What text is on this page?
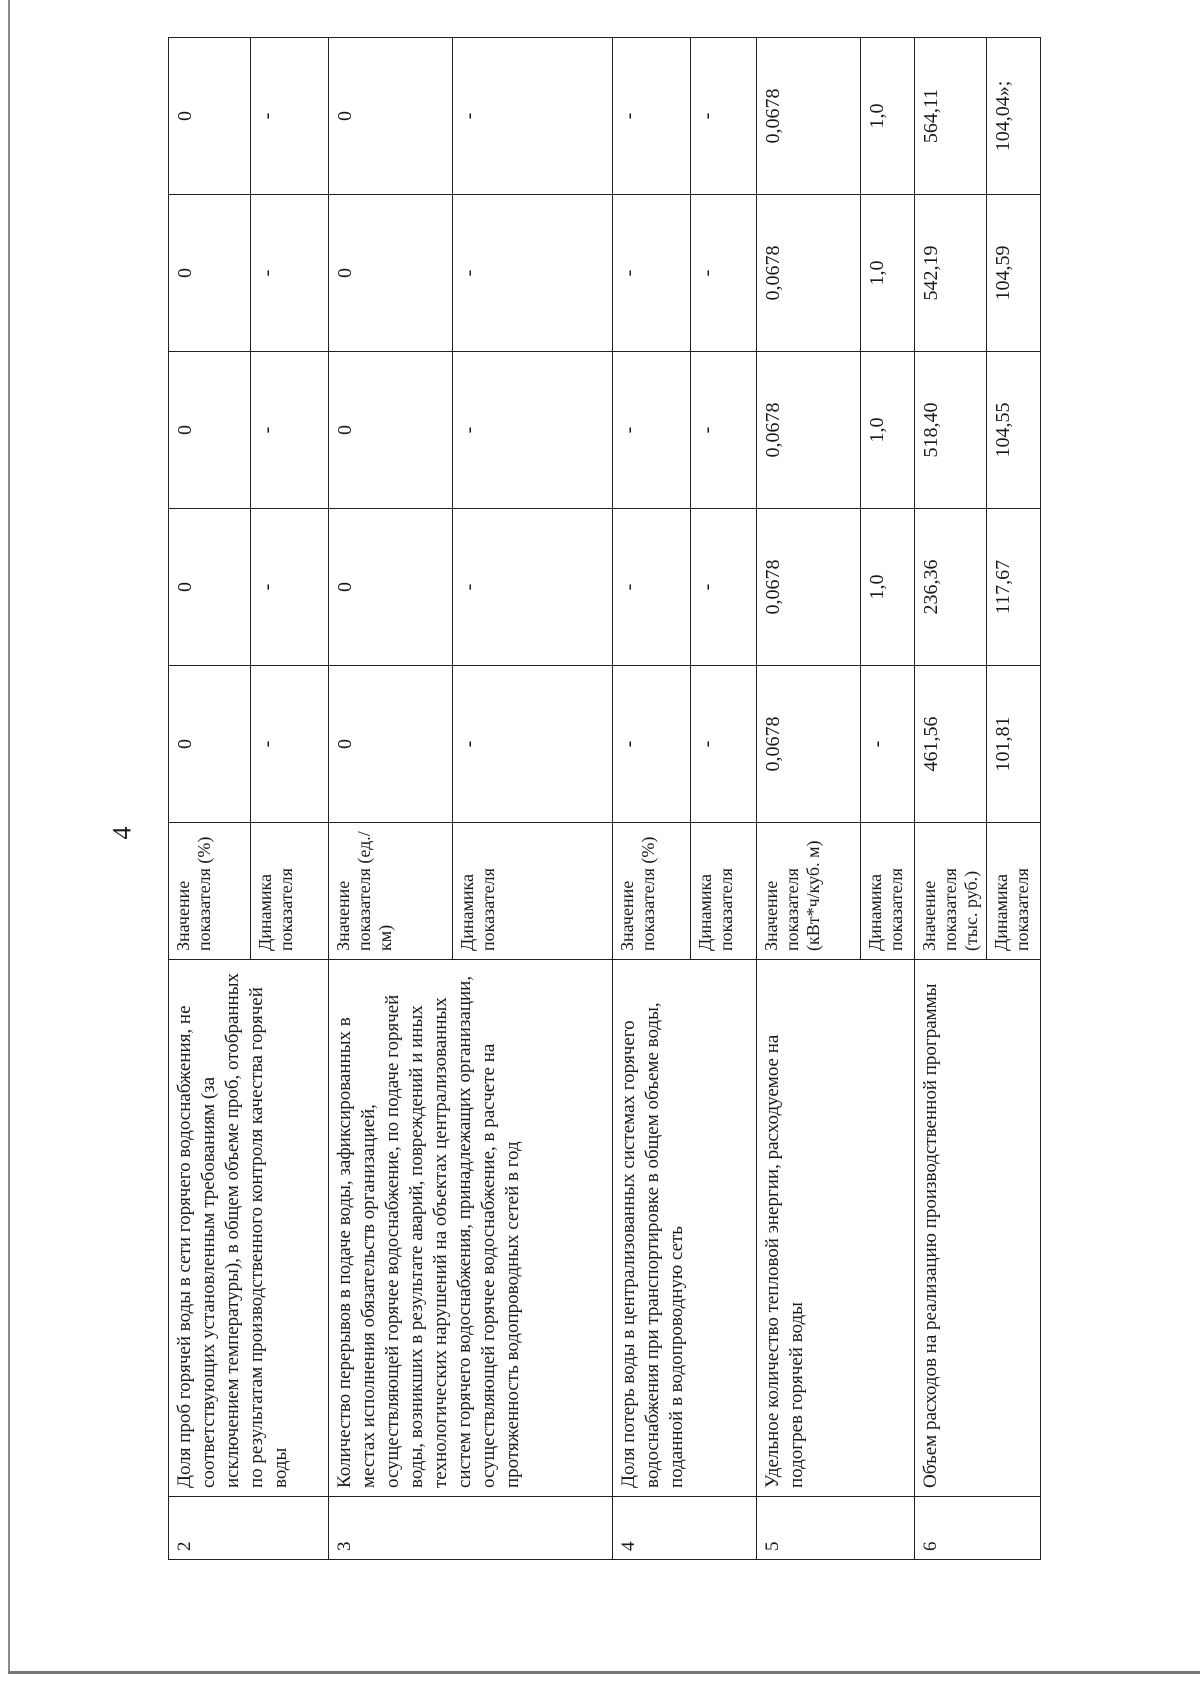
2	Доля проб горячей воды в сети горячего водоснабжения, не соответствующих установленным требованиям (за исключением температуры), в общем объеме проб, отобранных по результатам производственного контроля качества горячей воды	Значение показателя (%)	0	0	0	0	0
		Динамика показателя	-	-	-	-	-
3	Количество перерывов в подаче воды, зафиксированных в местах исполнения обязательств организацией, осуществляющей горячее водоснабжение, по подаче горячей воды, возникших в результате аварий, повреждений и иных технологических нарушений на объектах централизованных систем горячего водоснабжения, принадлежащих организации, осуществляющей горячее водоснабжение, в расчете на протяженность водопроводных сетей в год	Значение показателя (ед./км)	0	0	0	0	0
		Динамика показателя	-	-	-	-	-
4	Доля потерь воды в централизованных системах горячего водоснабжения при транспортировке в общем объеме воды, поданной в водопроводную сеть	Значение показателя (%)	-	-	-	-	-
		Динамика показателя	-	-	-	-	-
5	Удельное количество тепловой энергии, расходуемое на подогрев горячей воды	Значение показателя (кВт*ч/куб. м)	0,0678	0,0678	0,0678	0,0678	0,0678
		Динамика показателя	-	1,0	1,0	1,0	1,0
6	Объем расходов на реализацию производственной программы	Значение показателя (тыс. руб.)	461,56	236,36	518,40	542,19	564,11
		Динамика показателя	101,81	117,67	104,55	104,59	104,04»;
4
